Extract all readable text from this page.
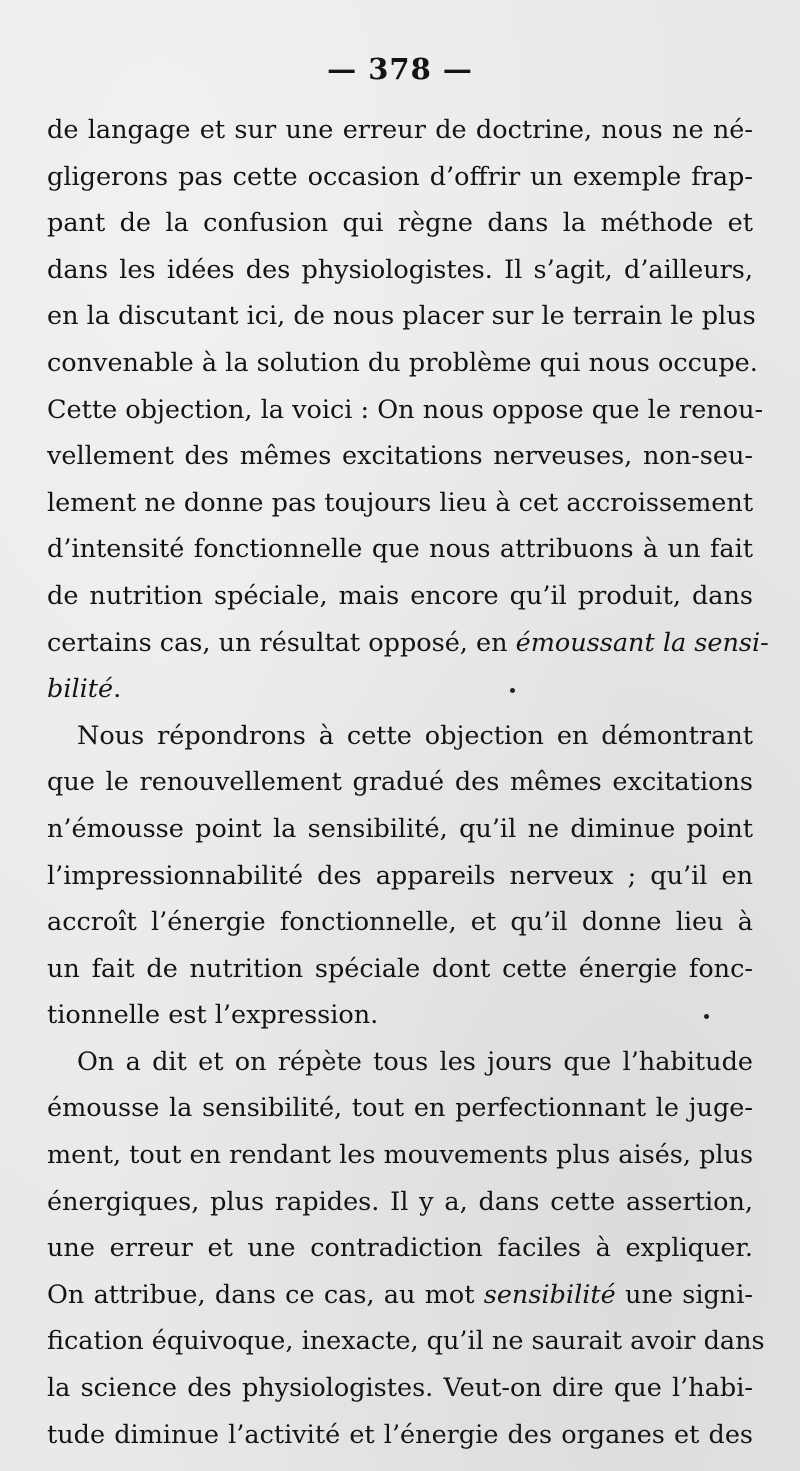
— 378 —
de langage et sur une erreur de doctrine, nous ne né-
gligerons pas cette occasion d’offrir un exemple frap-
pant de la confusion qui règne dans la méthode et
dans les idées des physiologistes. Il s’agit, d’ailleurs,
en la discutant ici, de nous placer sur le terrain le plus
convenable à la solution du problème qui nous occupe.
Cette objection, la voici : On nous oppose que le renou-
vellement des mêmes excitations nerveuses, non-seu-
lement ne donne pas toujours lieu à cet accroissement
d’intensité fonctionnelle que nous attribuons à un fait
de nutrition spéciale, mais encore qu’il produit, dans
certains cas, un résultat opposé, en émoussant la sensi-
bilité.
Nous répondrons à cette objection en démontrant
que le renouvellement gradué des mêmes excitations
n’émousse point la sensibilité, qu’il ne diminue point
l’impressionnabilité des appareils nerveux ; qu’il en
accroît l’énergie fonctionnelle, et qu’il donne lieu à
un fait de nutrition spéciale dont cette énergie fonc-
tionnelle est l’expression.
On a dit et on répète tous les jours que l’habitude
émousse la sensibilité, tout en perfectionnant le juge-
ment, tout en rendant les mouvements plus aisés, plus
énergiques, plus rapides. Il y a, dans cette assertion,
une erreur et une contradiction faciles à expliquer.
On attribue, dans ce cas, au mot sensibilité une signi-
fication équivoque, inexacte, qu’il ne saurait avoir dans
la science des physiologistes. Veut-on dire que l’habi-
tude diminue l’activité et l’énergie des organes et des
